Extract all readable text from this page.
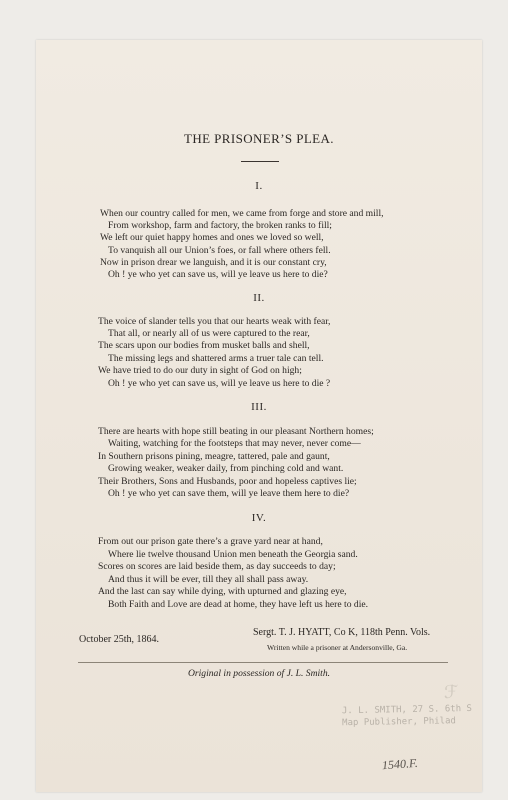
THE PRISONER’S PLEA.
I.
When our country called for men, we came from forge and store and mill,
From workshop, farm and factory, the broken ranks to fill;
We left our quiet happy homes and ones we loved so well,
To vanquish all our Union’s foes, or fall where others fell.
Now in prison drear we languish, and it is our constant cry,
Oh ! ye who yet can save us, will ye leave us here to die?
II.
The voice of slander tells you that our hearts weak with fear,
That all, or nearly all of us were captured to the rear,
The scars upon our bodies from musket balls and shell,
The missing legs and shattered arms a truer tale can tell.
We have tried to do our duty in sight of God on high;
Oh ! ye who yet can save us, will ye leave us here to die ?
III.
There are hearts with hope still beating in our pleasant Northern homes;
Waiting, watching for the footsteps that may never, never come—
In Southern prisons pining, meagre, tattered, pale and gaunt,
Growing weaker, weaker daily, from pinching cold and want.
Their Brothers, Sons and Husbands, poor and hopeless captives lie;
Oh ! ye who yet can save them, will ye leave them here to die?
IV.
From out our prison gate there’s a grave yard near at hand,
Where lie twelve thousand Union men beneath the Georgia sand.
Scores on scores are laid beside them, as day succeeds to day;
And thus it will be ever, till they all shall pass away.
And the last can say while dying, with upturned and glazing eye,
Both Faith and Love are dead at home, they have left us here to die.
October 25th, 1864.
Sergt. T. J. HYATT, Co K, 118th Penn. Vols.
Written while a prisoner at Andersonville, Ga.
Original in possession of J. L. Smith.
ℱ
J. L. SMITH, 27 S. 6th S
Map Publisher, Philad
1540.F.
